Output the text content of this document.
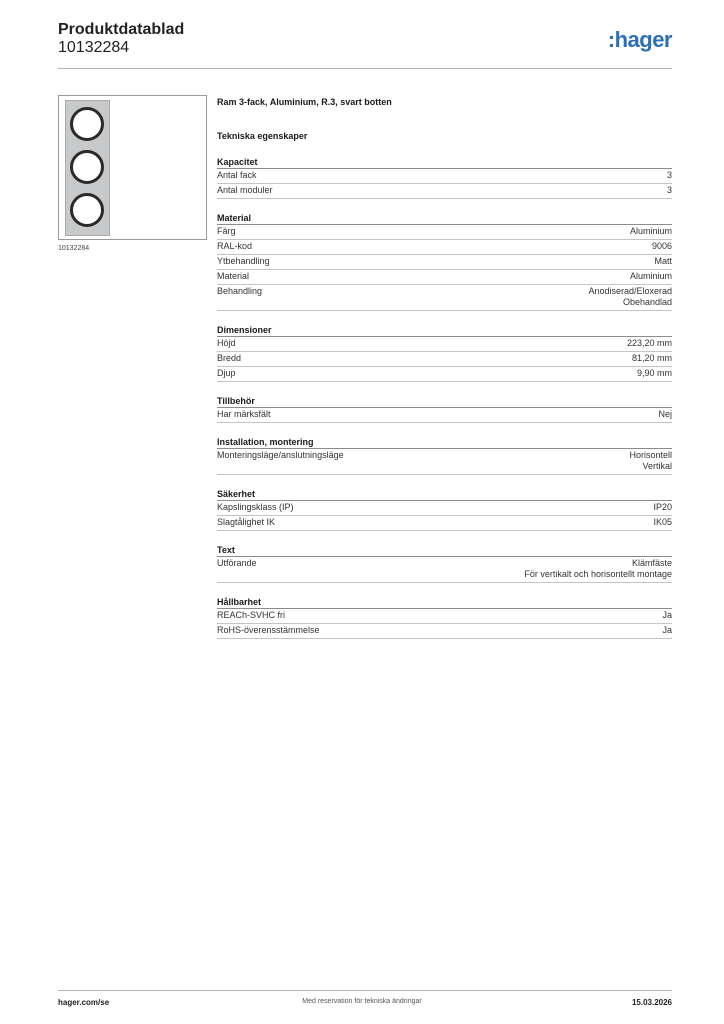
Produktdatablad
10132284	:hager
10132284
Ram 3-fack, Aluminium, R.3, svart botten
Tekniska egenskaper
Kapacitet
Antal fack	3
Antal moduler	3
Material
Färg	Aluminium
RAL-kod	9006
Ytbehandling	Matt
Material	Aluminium
Behandling	Anodiserad/Eloxerad
Obehandlad
Dimensioner
Höjd	223,20 mm
Bredd	81,20 mm
Djup	9,90 mm
Tillbehör
Har märksfält	Nej
Installation, montering
Monteringsläge/anslutningsläge	Horisontell
Vertikal
Säkerhet
Kapslingsklass (IP)	IP20
Slagtålighet IK	IK05
Text
Utförande	Klämfäste
För vertikalt och horisontellt montage
Hållbarhet
REACh-SVHC fri	Ja
RoHS-överensstämmelse	Ja
hager.com/se	Med reservation för tekniska ändringar	15.03.2026
